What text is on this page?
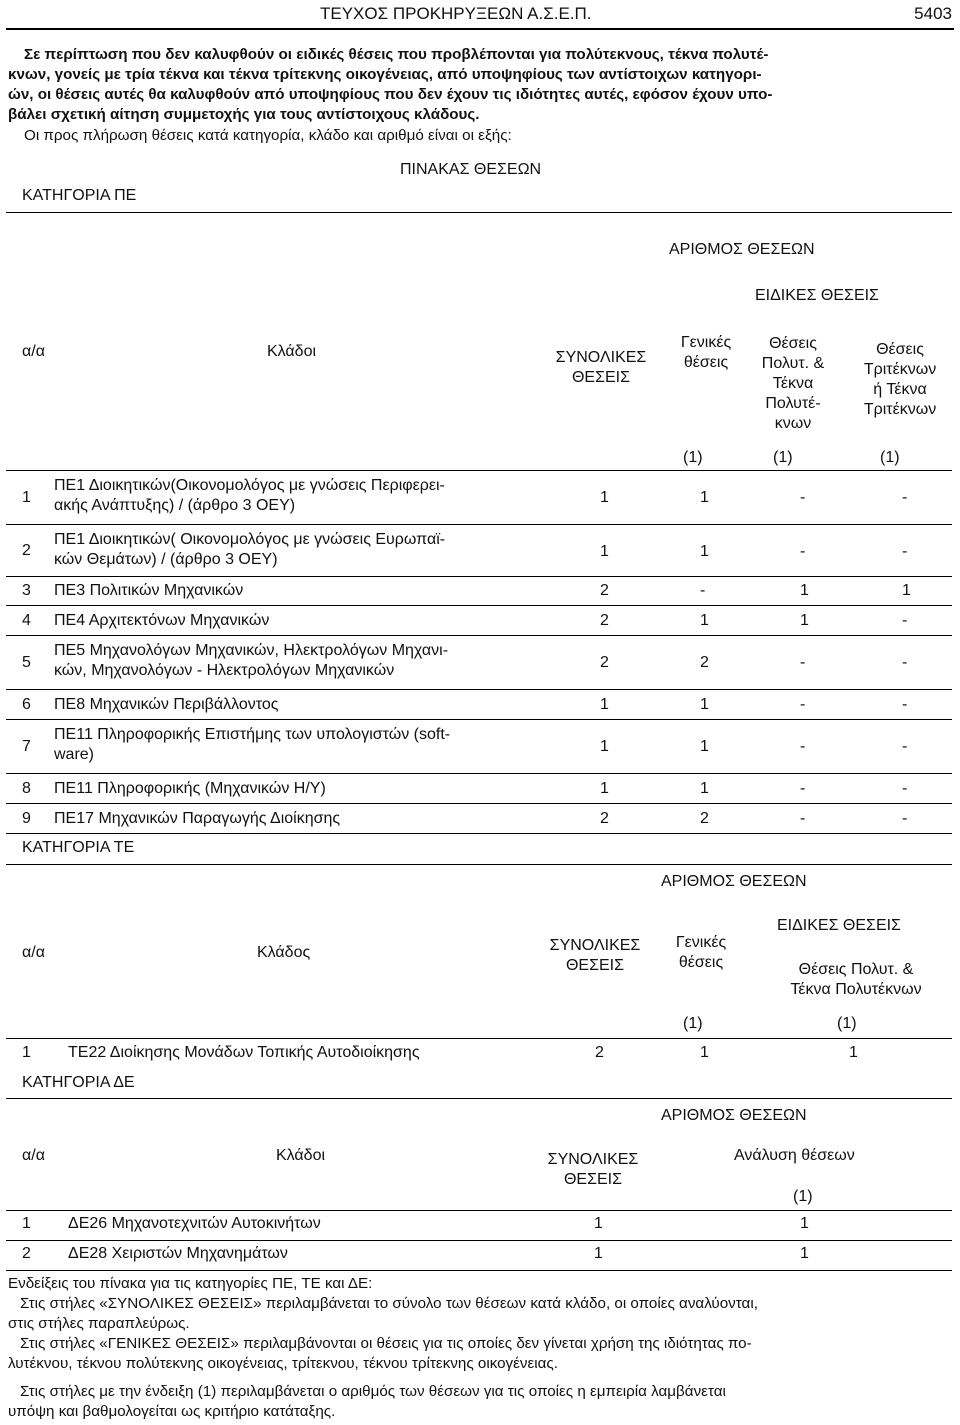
ΤΕΥΧΟΣ ΠΡΟΚΗΡΥΞΕΩΝ Α.Σ.Ε.Π.	5403
Σε περίπτωση που δεν καλυφθούν οι ειδικές θέσεις που προβλέπονται για πολύτεκνους, τέκνα πολυτέ-
κνων, γονείς με τρία τέκνα και τέκνα τρίτεκνης οικογένειας, από υποψηφίους των αντίστοιχων κατηγορι-
ών, οι θέσεις αυτές θα καλυφθούν από υποψηφίους που δεν έχουν τις ιδιότητες αυτές, εφόσον έχουν υπο-
βάλει σχετική αίτηση συμμετοχής για τους αντίστοιχους κλάδους.
Οι προς πλήρωση θέσεις κατά κατηγορία, κλάδο και αριθμό είναι οι εξής:
ΠΙΝΑΚΑΣ ΘΕΣΕΩΝ
ΚΑΤΗΓΟΡΙΑ ΠΕ
ΑΡΙΘΜΟΣ ΘΕΣΕΩΝ
ΕΙΔΙΚΕΣ ΘΕΣΕΙΣ
α/α	Κλάδοι	ΣΥΝΟΛΙΚΕΣ
ΘΕΣΕΙΣ
Γενικές
θέσεις
Θέσεις
Πολυτ. &
Τέκνα
Πολυτέ-
κνων
Θέσεις
Τριτέκνων
ή Τέκνα
Τριτέκνων
(1)	(1)	(1)
1
ΠΕ1 Διοικητικών(Οικονομολόγος με γνώσεις Περιφερει-
ακής Ανάπτυξης) / (άρθρο 3 ΟΕΥ)	1	1	-	-
2
ΠΕ1 Διοικητικών( Οικονομολόγος με γνώσεις Ευρωπαϊ-
κών Θεμάτων) / (άρθρο 3 ΟΕΥ)	1	1	-	-
3 ΠΕ3 Πολιτικών Μηχανικών	2	-	1	1
4 ΠΕ4 Αρχιτεκτόνων Μηχανικών	2	1	1	-
5
ΠΕ5 Μηχανολόγων Μηχανικών, Ηλεκτρολόγων Μηχανι-
κών, Μηχανολόγων - Ηλεκτρολόγων Μηχανικών	2	2	-	-
6 ΠΕ8 Μηχανικών Περιβάλλοντος	1	1	-	-
7
ΠΕ11 Πληροφορικής Επιστήμης των υπολογιστών (soft-
ware)	1	1	-	-
8 ΠΕ11 Πληροφορικής (Μηχανικών Η/Υ)	1	1	-	-
9 ΠΕ17 Μηχανικών Παραγωγής Διοίκησης	2	2	-	-
ΚΑΤΗΓΟΡΙΑ ΤΕ
ΑΡΙΘΜΟΣ ΘΕΣΕΩΝ
α/α	Κλάδος	ΣΥΝΟΛΙΚΕΣ
ΘΕΣΕΙΣ
Γενικές
θέσεις
ΕΙΔΙΚΕΣ ΘΕΣΕΙΣ
Θέσεις Πολυτ. &
Τέκνα Πολυτέκνων
(1)	(1)
1 ΤΕ22 Διοίκησης Μονάδων Τοπικής Αυτοδιοίκησης	2	1	1
ΚΑΤΗΓΟΡΙΑ ΔΕ
ΑΡΙΘΜΟΣ ΘΕΣΕΩΝ
α/α	Κλάδοι	ΣΥΝΟΛΙΚΕΣ
ΘΕΣΕΙΣ
Ανάλυση θέσεων
(1)
1 ΔΕ26 Μηχανοτεχνιτών Αυτοκινήτων	1	1
2 ΔΕ28 Χειριστών Μηχανημάτων	1	1
Ενδείξεις του πίνακα για τις κατηγορίες ΠΕ, ΤΕ και ΔΕ:
Στις στήλες «ΣΥΝΟΛΙΚΕΣ ΘΕΣΕΙΣ» περιλαμβάνεται το σύνολο των θέσεων κατά κλάδο, οι οποίες αναλύονται,
στις στήλες παραπλεύρως.
Στις στήλες «ΓΕΝΙΚΕΣ ΘΕΣΕΙΣ» περιλαμβάνονται οι θέσεις για τις οποίες δεν γίνεται χρήση της ιδιότητας πο-
λυτέκνου, τέκνου πολύτεκνης οικογένειας, τρίτεκνου, τέκνου τρίτεκνης οικογένειας.
Στις στήλες με την ένδειξη (1) περιλαμβάνεται ο αριθμός των θέσεων για τις οποίες η εμπειρία λαμβάνεται
υπόψη και βαθμολογείται ως κριτήριο κατάταξης.
